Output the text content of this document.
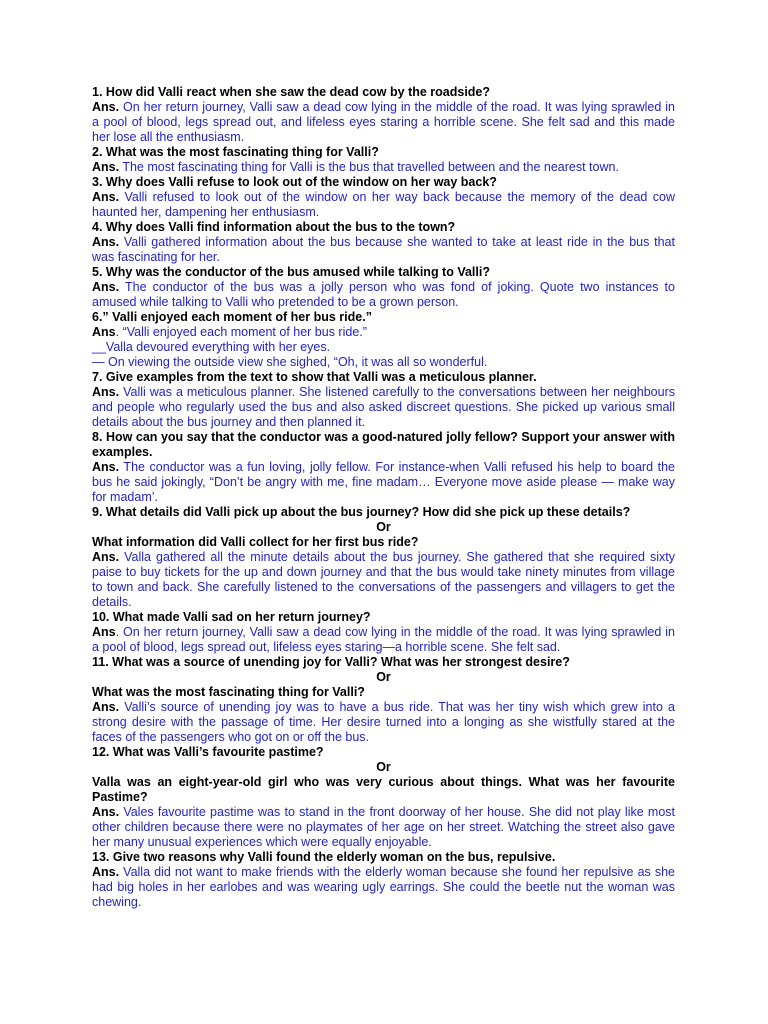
1. How did Valli react when she saw the dead cow by the roadside?

Ans. On her return journey, Valli saw a dead cow lying in the middle of the road. It was lying sprawled in a pool of blood, legs spread out, and lifeless eyes staring a horrible scene. She felt sad and this made her lose all the enthusiasm.

2. What was the most fascinating thing for Valli?

Ans. The most fascinating thing for Valli is the bus that travelled between and the nearest town.

3. Why does Valli refuse to look out of the window on her way back?

Ans. Valli refused to look out of the window on her way back because the memory of the dead cow haunted her, dampening her enthusiasm.

4. Why does Valli find information about the bus to the town?

Ans. Valli gathered information about the bus because she wanted to take at least ride in the bus that was fascinating for her.

5. Why was the conductor of the bus amused while talking to Valli?

Ans. The conductor of the bus was a jolly person who was fond of joking. Quote two instances to amused while talking to Valli who pretended to be a grown person.

6.” Valli enjoyed each moment of her bus ride.”

Ans. “Valli enjoyed each moment of her bus ride.”

__Valla devoured everything with her eyes.

— On viewing the outside view she sighed, “Oh, it was all so wonderful.

7. Give examples from the text to show that Valli was a meticulous planner.

Ans. Valli was a meticulous planner. She listened carefully to the conversations between her neighbours and people who regularly used the bus and also asked discreet questions. She picked up various small details about the bus journey and then planned it.

8. How can you say that the conductor was a good-natured jolly fellow? Support your answer with examples.

Ans. The conductor was a fun loving, jolly fellow. For instance-when Valli refused his help to board the bus he said jokingly, “Don’t be angry with me, fine madam… Everyone move aside please — make way for madam’.

9. What details did Valli pick up about the bus journey? How did she pick up these details?

Or

What information did Valli collect for her first bus ride?

Ans. Valla gathered all the minute details about the bus journey. She gathered that she required sixty paise to buy tickets for the up and down journey and that the bus would take ninety minutes from village to town and back. She carefully listened to the conversations of the passengers and villagers to get the details.

10. What made Valli sad on her return journey?

Ans. On her return journey, Valli saw a dead cow lying in the middle of the road. It was lying sprawled in a pool of blood, legs spread out, lifeless eyes staring—a horrible scene. She felt sad.

11. What was a source of unending joy for Valli? What was her strongest desire?

Or

What was the most fascinating thing for Valli?

Ans. Valli’s source of unending joy was to have a bus ride. That was her tiny wish which grew into a strong desire with the passage of time. Her desire turned into a longing as she wistfully stared at the faces of the passengers who got on or off the bus.

12. What was Valli’s favourite pastime?

Or

Valla was an eight-year-old girl who was very curious about things. What was her favourite Pastime?

Ans. Vales favourite pastime was to stand in the front doorway of her house. She did not play like most other children because there were no playmates of her age on her street. Watching the street also gave her many unusual experiences which were equally enjoyable.

13. Give two reasons why Valli found the elderly woman on the bus, repulsive.

Ans. Valla did not want to make friends with the elderly woman because she found her repulsive as she had big holes in her earlobes and was wearing ugly earrings. She could the beetle nut the woman was chewing.
